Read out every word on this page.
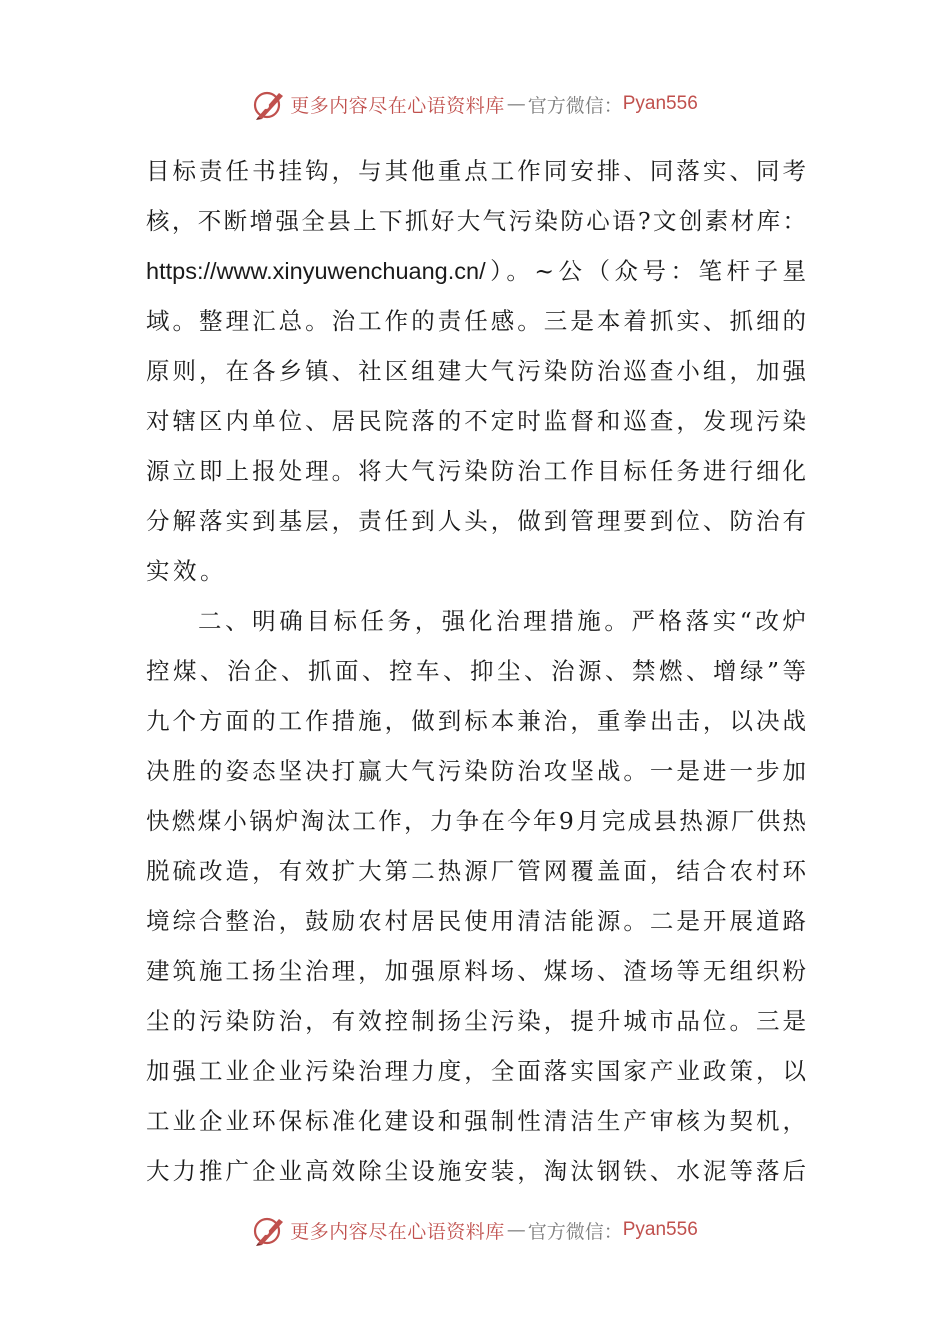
更多内容尽在心语资料库 — 官方微信： Pyan556
目标责任书挂钩，与其他重点工作同安排、同落实、同考
核，不断增强全县上下抓好大气污染防心语?文创素材库：
https://www.xinyuwenchuang.cn/）。~公（众号：笔杆子星
域。整理汇总。治工作的责任感。三是本着抓实、抓细的
原则，在各乡镇、社区组建大气污染防治巡查小组，加强
对辖区内单位、居民院落的不定时监督和巡查，发现污染
源立即上报处理。将大气污染防治工作目标任务进行细化
分解落实到基层，责任到人头，做到管理要到位、防治有
实效。
二、明确目标任务，强化治理措施。严格落实“改炉
控煤、治企、抓面、控车、抑尘、治源、禁燃、增绿”等
九个方面的工作措施，做到标本兼治，重拳出击，以决战
决胜的姿态坚决打赢大气污染防治攻坚战。一是进一步加
快燃煤小锅炉淘汰工作，力争在今年9月完成县热源厂供热
脱硫改造，有效扩大第二热源厂管网覆盖面，结合农村环
境综合整治，鼓励农村居民使用清洁能源。二是开展道路
建筑施工扬尘治理，加强原料场、煤场、渣场等无组织粉
尘的污染防治，有效控制扬尘污染，提升城市品位。三是
加强工业企业污染治理力度，全面落实国家产业政策，以
工业企业环保标准化建设和强制性清洁生产审核为契机，
大力推广企业高效除尘设施安装，淘汰钢铁、水泥等落后
更多内容尽在心语资料库 — 官方微信： Pyan556
